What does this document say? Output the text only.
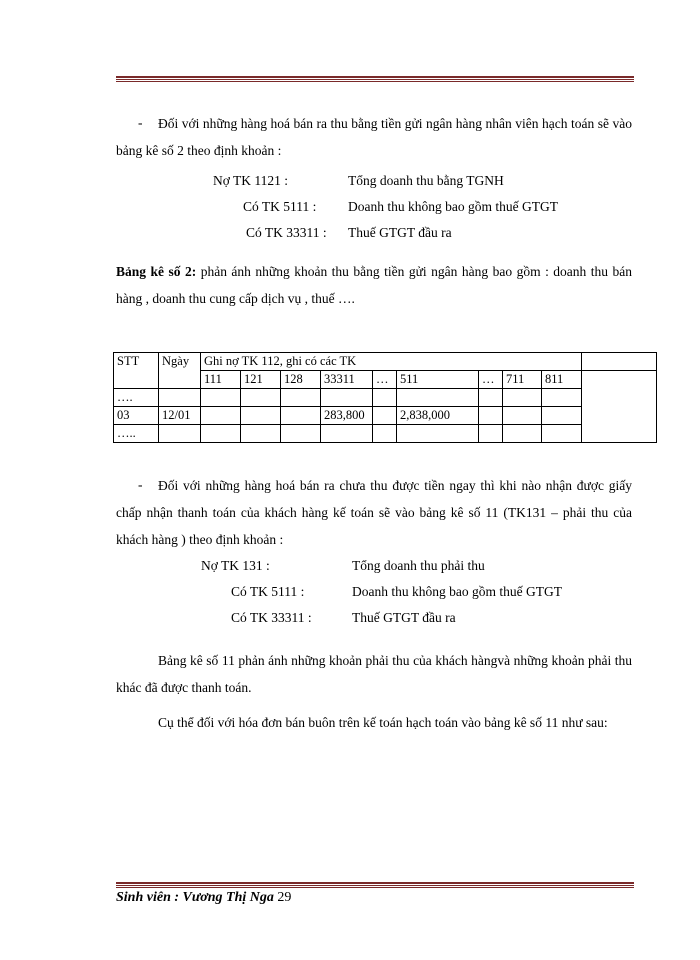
-	Đối với những hàng hoá bán ra thu bằng tiền gửi ngân hàng nhân viên hạch toán sẽ vào bảng kê số 2 theo định khoản :
Nợ TK 1121 :	Tổng doanh thu bằng TGNH
Có TK 5111 : Doanh thu không bao gồm thuế GTGT
Có TK 33311 : Thuế GTGT đầu ra
Bảng kê số 2: phản ánh những khoản thu bằng tiền gửi ngân hàng bao gồm : doanh thu bán hàng , doanh thu cung cấp dịch vụ , thuế ….
STT	Ngày	Ghi nợ TK 112, ghi có các TK									
		111	121	128	33311	…	511	…	711	811	
….											
03	12/01				283,800		2,838,000				
…..											
-	Đối với những hàng hoá bán ra chưa thu được tiền ngay thì khi nào nhận được giấy chấp nhận thanh toán của khách hàng kế toán sẽ vào bảng kê số 11 (TK131 – phải thu của khách hàng ) theo định khoản :
Nợ TK 131 :	Tổng doanh thu phải thu
Có TK 5111 :	Doanh thu không bao gồm thuế GTGT
Có TK 33311 :	Thuế GTGT đầu ra
Bảng kê số 11 phản ánh những khoản phải thu của khách hàngvà những khoản phải thu khác đã được thanh toán.
Cụ thể đối với hóa đơn bán buôn trên kế toán hạch toán vào bảng kê số 11 như sau:
Sinh viên : Vương Thị Nga 29
